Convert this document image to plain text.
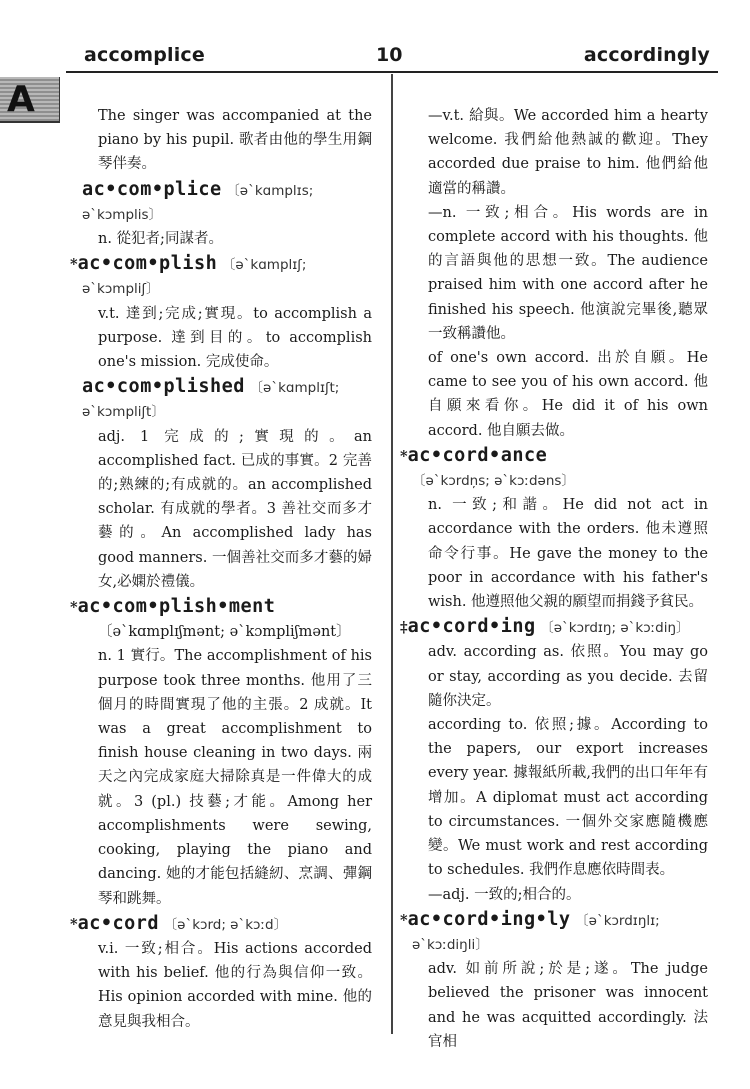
accomplice	10	accordingly
A	The singer was accompanied at the piano by his pupil. 歌者由他的學生用鋼琴伴奏。
ac•com•plice 〔ə`kɑmplɪs; ə`kɔmplis〕
n. 從犯者;同謀者。
*ac•com•plish 〔ə`kɑmplɪʃ; ə`kɔmpliʃ〕
v.t. 達到;完成;實現。to accomplish a purpose. 達到目的。to accomplish one's mission. 完成使命。
ac•com•plished 〔ə`kɑmplɪʃt; ə`kɔmpliʃt〕
adj. 1 完成的;實現的。an accomplished fact. 已成的事實。2 完善的;熟練的;有成就的。an accomplished scholar. 有成就的學者。3 善社交而多才藝的。An accomplished lady has good manners. 一個善社交而多才藝的婦女,必嫻於禮儀。
*ac•com•plish•ment
〔ə`kɑmplɪʃmənt; ə`kɔmpliʃmənt〕
n. 1 實行。The accomplishment of his purpose took three months. 他用了三個月的時間實現了他的主張。2 成就。It was a great accomplishment to finish house cleaning in two days. 兩天之內完成家庭大掃除真是一件偉大的成就。3 (pl.) 技藝;才能。Among her accomplishments were sewing, cooking, playing the piano and dancing. 她的才能包括縫紉、烹調、彈鋼琴和跳舞。
*ac•cord 〔ə`kɔrd; ə`kɔːd〕
v.i. 一致;相合。His actions accorded with his belief. 他的行為與信仰一致。His opinion accorded with mine. 他的意見與我相合。
—v.t. 給與。We accorded him a hearty welcome. 我們給他熱誠的歡迎。They accorded due praise to him. 他們給他適當的稱讚。
—n. 一致;相合。His words are in complete accord with his thoughts. 他的言語與他的思想一致。The audience praised him with one accord after he finished his speech. 他演說完畢後,聽眾一致稱讚他。
of one's own accord. 出於自願。He came to see you of his own accord. 他自願來看你。He did it of his own accord. 他自願去做。
*ac•cord•ance 〔ə`kɔrdņs; ə`kɔːdəns〕
n. 一致;和諧。He did not act in accordance with the orders. 他未遵照命令行事。He gave the money to the poor in accordance with his father's wish. 他遵照他父親的願望而捐錢予貧民。
‡ac•cord•ing 〔ə`kɔrdɪŋ; ə`kɔːdiŋ〕
adv. according as. 依照。You may go or stay, according as you decide. 去留隨你決定。
according to. 依照;據。According to the papers, our export increases every year. 據報紙所載,我們的出口年年有增加。A diplomat must act according to circumstances. 一個外交家應隨機應變。We must work and rest according to schedules. 我們作息應依時間表。
—adj. 一致的;相合的。
*ac•cord•ing•ly 〔ə`kɔrdɪŋlɪ; ə`kɔːdiŋli〕
adv. 如前所說;於是;遂。The judge believed the prisoner was innocent and he was acquitted accordingly. 法官相
